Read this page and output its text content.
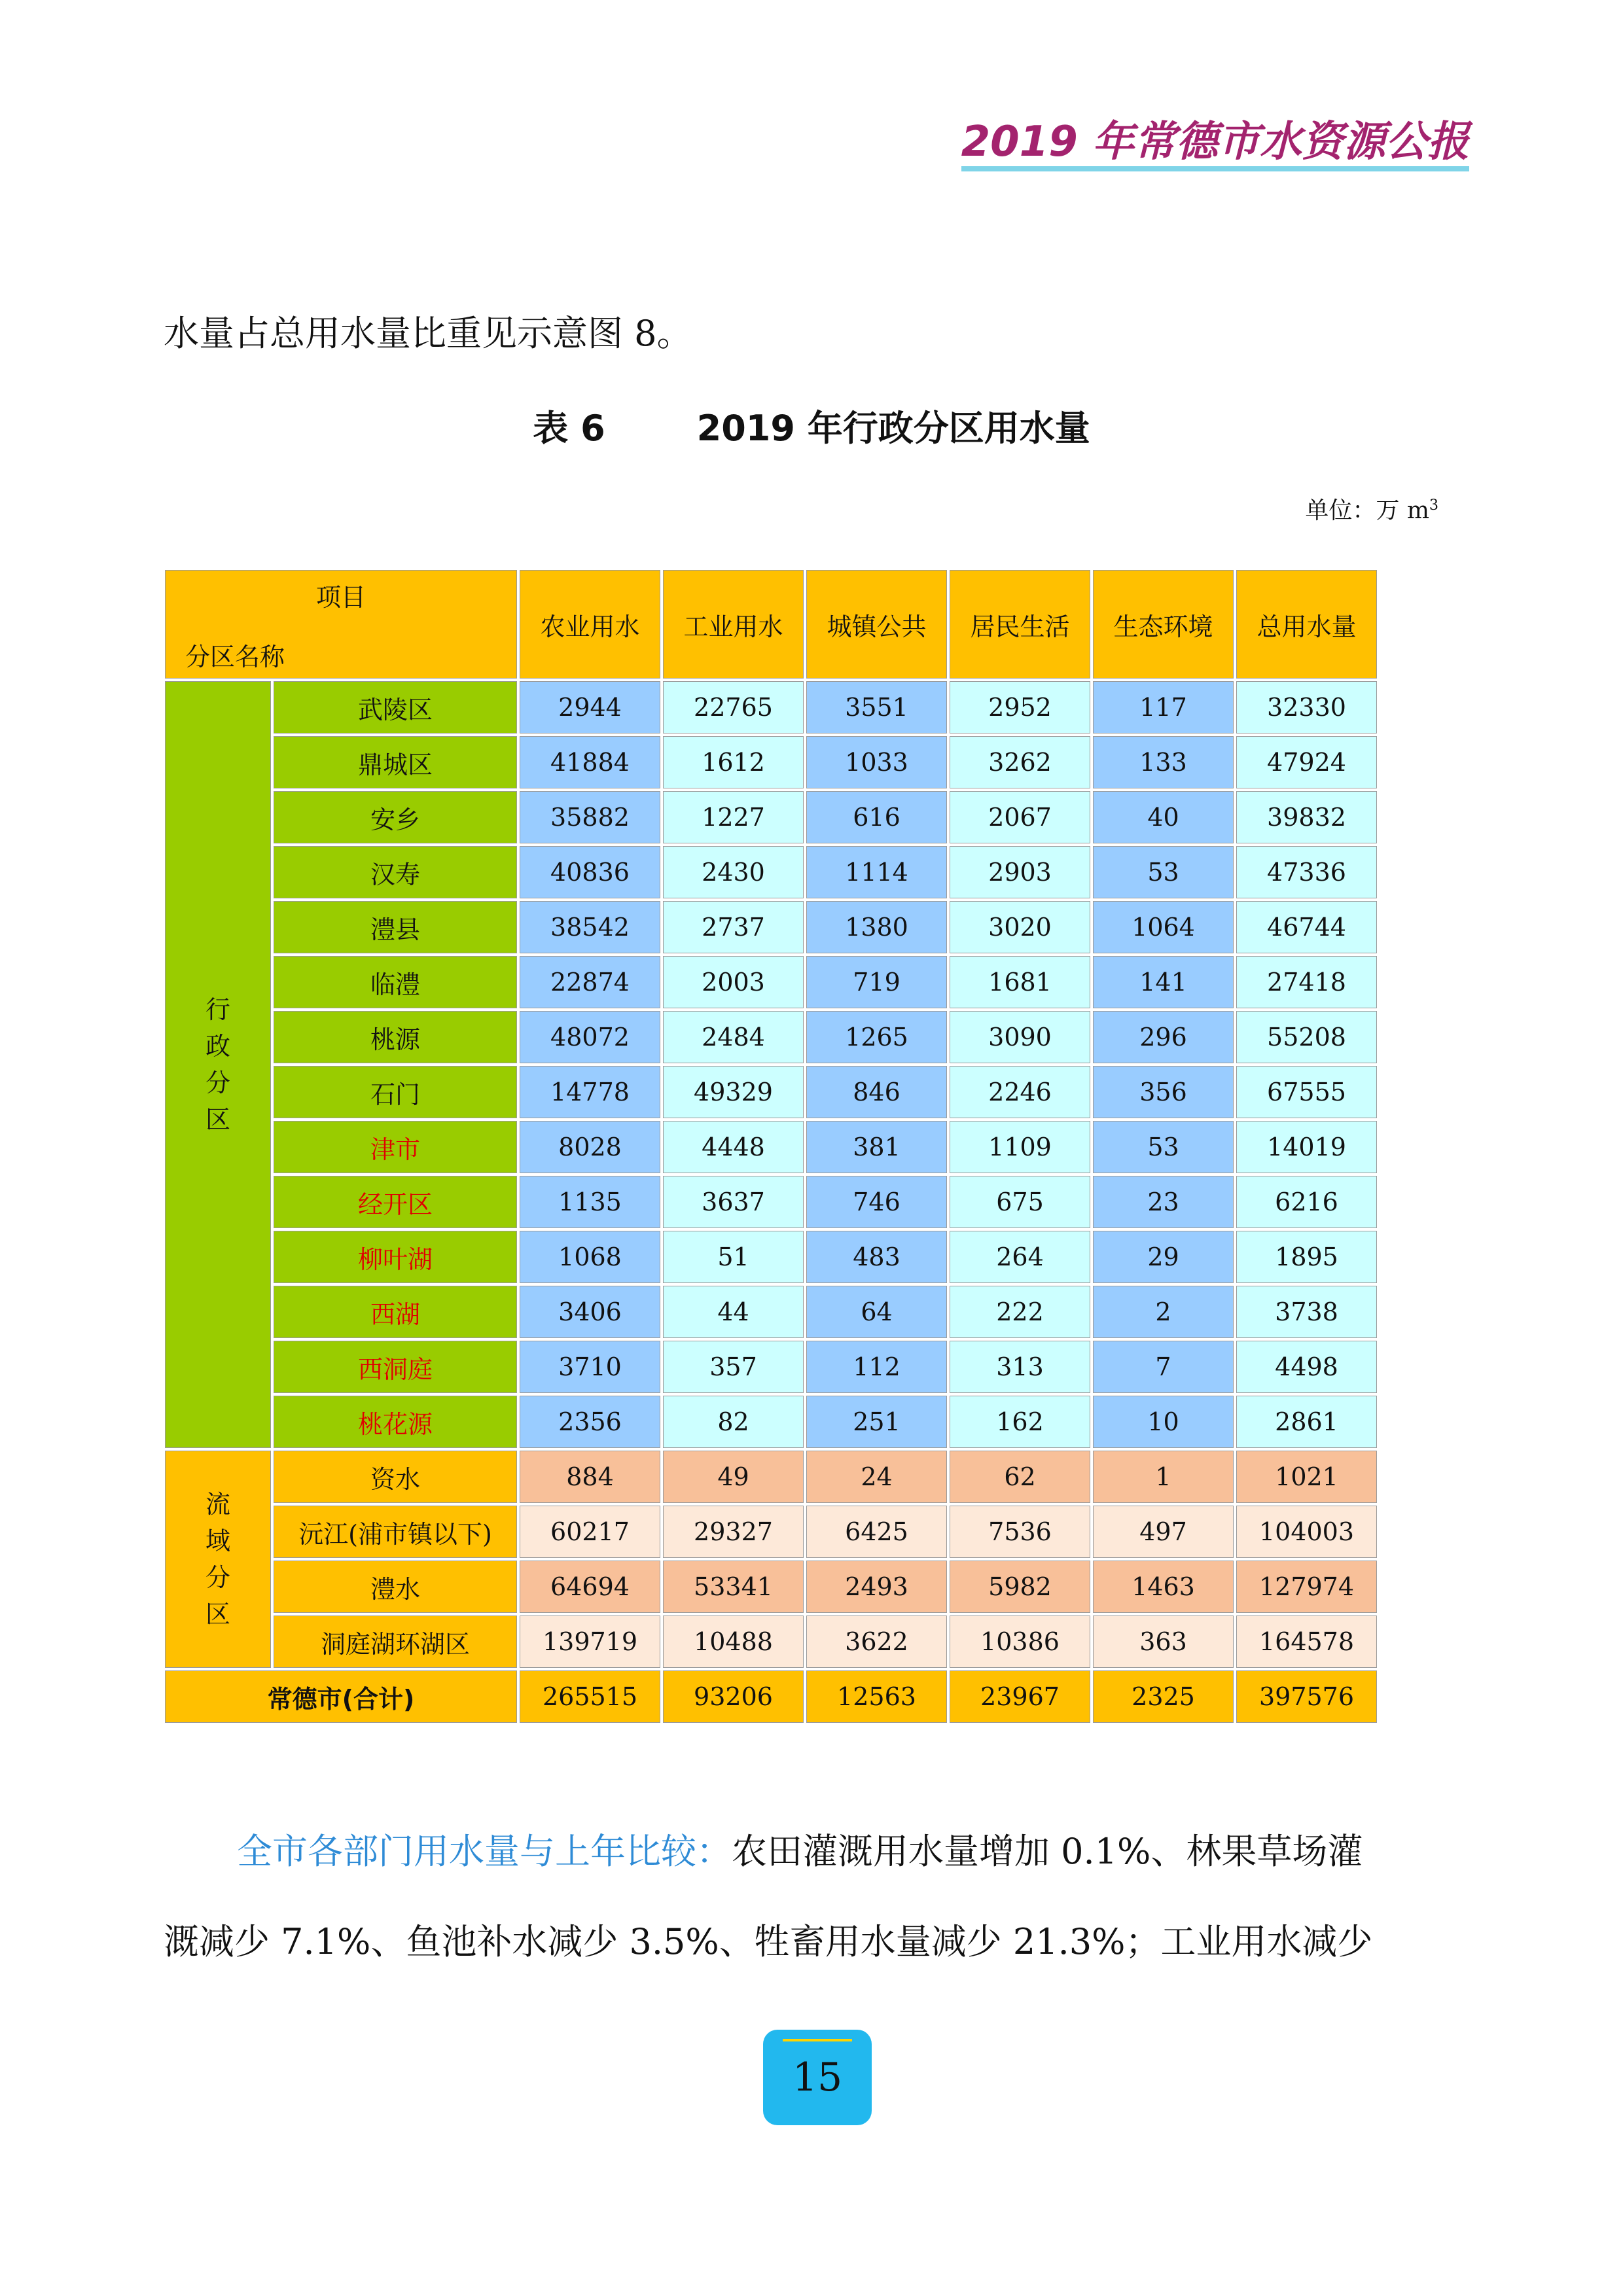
2019 年常德市水资源公报
水量占总用水量比重见示意图 8。
表 6	2019 年行政分区用水量
单位：万 $m^3$
项目
分区名称		农业用水	工业用水	城镇公共	居民生活	生态环境	总用水量
行
政
分
区	武陵区	2944	22765	3551	2952	117	32330
	鼎城区	41884	1612	1033	3262	133	47924
	安乡	35882	1227	616	2067	40	39832
	汉寿	40836	2430	1114	2903	53	47336
	澧县	38542	2737	1380	3020	1064	46744
	临澧	22874	2003	719	1681	141	27418
	桃源	48072	2484	1265	3090	296	55208
	石门	14778	49329	846	2246	356	67555
	津市	8028	4448	381	1109	53	14019
	经开区	1135	3637	746	675	23	6216
	柳叶湖	1068	51	483	264	29	1895
	西湖	3406	44	64	222	2	3738
	西洞庭	3710	357	112	313	7	4498
	桃花源	2356	82	251	162	10	2861
流
域
分
区	资水	884	49	24	62	1	1021
	沅江(浦市镇以下)	60217	29327	6425	7536	497	104003
	澧水	64694	53341	2493	5982	1463	127974
	洞庭湖环湖区	139719	10488	3622	10386	363	164578
常德市(合计)		265515	93206	12563	23967	2325	397576
全市各部门用水量与上年比较：农田灌溉用水量增加 0.1%、林果草场灌
溉减少 7.1%、鱼池补水减少 3.5%、牲畜用水量减少 21.3%；工业用水减少
15
